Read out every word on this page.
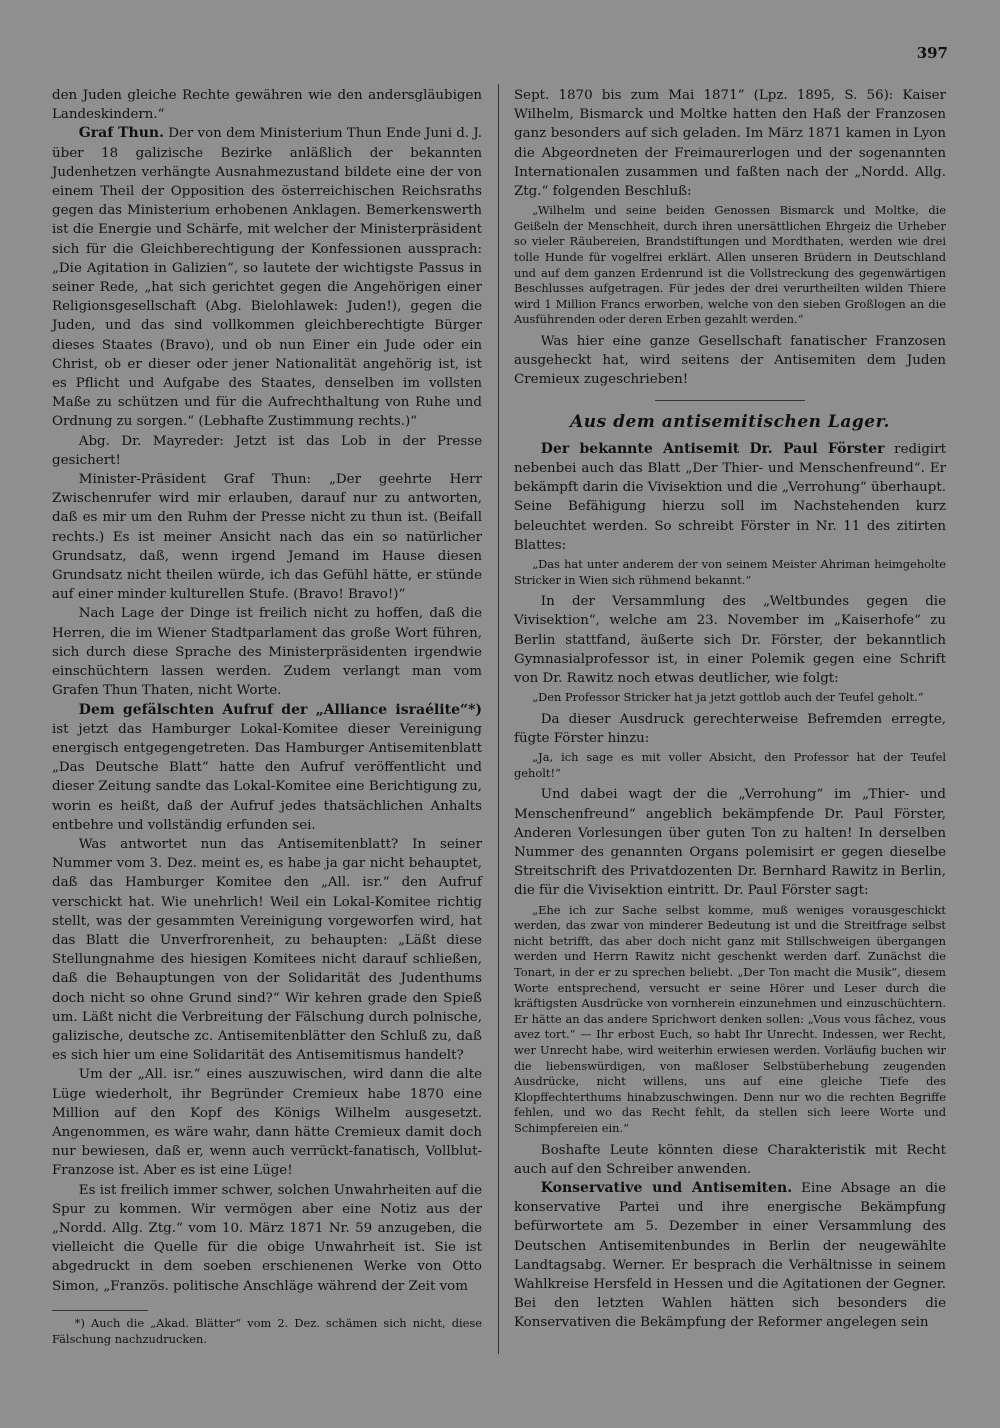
397

den Juden gleiche Rechte gewähren wie den andersgläubigen Landeskindern.“

Graf Thun. Der von dem Ministerium Thun Ende Juni d. J. über 18 galizische Bezirke anläßlich der bekannten Judenhetzen verhängte Ausnahmezustand bildete eine der von einem Theil der Opposition des österreichischen Reichsraths gegen das Ministerium erhobenen Anklagen. Bemerkenswerth ist die Energie und Schärfe, mit welcher der Ministerpräsident sich für die Gleichberechtigung der Konfessionen aussprach: „Die Agitation in Galizien“, so lautete der wichtigste Passus in seiner Rede, „hat sich gerichtet gegen die Angehörigen einer Religionsgesellschaft (Abg. Bielohlawek: Juden!), gegen die Juden, und das sind vollkommen gleichberechtigte Bürger dieses Staates (Bravo), und ob nun Einer ein Jude oder ein Christ, ob er dieser oder jener Nationalität angehörig ist, ist es Pflicht und Aufgabe des Staates, denselben im vollsten Maße zu schützen und für die Aufrechthaltung von Ruhe und Ordnung zu sorgen.“ (Lebhafte Zustimmung rechts.)“

Abg. Dr. Mayreder: Jetzt ist das Lob in der Presse gesichert!

Minister-Präsident Graf Thun: „Der geehrte Herr Zwischenrufer wird mir erlauben, darauf nur zu antworten, daß es mir um den Ruhm der Presse nicht zu thun ist. (Beifall rechts.) Es ist meiner Ansicht nach das ein so natürlicher Grundsatz, daß, wenn irgend Jemand im Hause diesen Grundsatz nicht theilen würde, ich das Gefühl hätte, er stünde auf einer minder kulturellen Stufe. (Bravo! Bravo!)“

Nach Lage der Dinge ist freilich nicht zu hoffen, daß die Herren, die im Wiener Stadtparlament das große Wort führen, sich durch diese Sprache des Ministerpräsidenten irgendwie einschüchtern lassen werden. Zudem verlangt man vom Grafen Thun Thaten, nicht Worte.

Dem gefälschten Aufruf der „Alliance israélite“*) ist jetzt das Hamburger Lokal-Komitee dieser Vereinigung energisch entgegengetreten. Das Hamburger Antisemitenblatt „Das Deutsche Blatt“ hatte den Aufruf veröffentlicht und dieser Zeitung sandte das Lokal-Komitee eine Berichtigung zu, worin es heißt, daß der Aufruf jedes thatsächlichen Anhalts entbehre und vollständig erfunden sei.

Was antwortet nun das Antisemitenblatt? In seiner Nummer vom 3. Dez. meint es, es habe ja gar nicht behauptet, daß das Hamburger Komitee den „All. isr.“ den Aufruf verschickt hat. Wie unehrlich! Weil ein Lokal-Komitee richtig stellt, was der gesammten Vereinigung vorgeworfen wird, hat das Blatt die Unverfrorenheit, zu behaupten: „Läßt diese Stellungnahme des hiesigen Komitees nicht darauf schließen, daß die Behauptungen von der Solidarität des Judenthums doch nicht so ohne Grund sind?“ Wir kehren grade den Spieß um. Läßt nicht die Verbreitung der Fälschung durch polnische, galizische, deutsche zc. Antisemitenblätter den Schluß zu, daß es sich hier um eine Solidarität des Antisemitismus handelt?

Um der „All. isr.“ eines auszuwischen, wird dann die alte Lüge wiederholt, ihr Begründer Cremieux habe 1870 eine Million auf den Kopf des Königs Wilhelm ausgesetzt. Angenommen, es wäre wahr, dann hätte Cremieux damit doch nur bewiesen, daß er, wenn auch verrückt-fanatisch, Vollblut-Franzose ist. Aber es ist eine Lüge!

Es ist freilich immer schwer, solchen Unwahrheiten auf die Spur zu kommen. Wir vermögen aber eine Notiz aus der „Nordd. Allg. Ztg.“ vom 10. März 1871 Nr. 59 anzugeben, die vielleicht die Quelle für die obige Unwahrheit ist. Sie ist abgedruckt in dem soeben erschienenen Werke von Otto Simon, „Französ. politische Anschläge während der Zeit vom

*) Auch die „Akad. Blätter“ vom 2. Dez. schämen sich nicht, diese Fälschung nachzudrucken.

Sept. 1870 bis zum Mai 1871“ (Lpz. 1895, S. 56): Kaiser Wilhelm, Bismarck und Moltke hatten den Haß der Franzosen ganz besonders auf sich geladen. Im März 1871 kamen in Lyon die Abgeordneten der Freimaurerlogen und der sogenannten Internationalen zusammen und faßten nach der „Nordd. Allg. Ztg.“ folgenden Beschluß:

„Wilhelm und seine beiden Genossen Bismarck und Moltke, die Geißeln der Menschheit, durch ihren unersättlichen Ehrgeiz die Urheber so vieler Räubereien, Brandstiftungen und Mordthaten, werden wie drei tolle Hunde für vogelfrei erklärt. Allen unseren Brüdern in Deutschland und auf dem ganzen Erdenrund ist die Vollstreckung des gegenwärtigen Beschlusses aufgetragen. Für jedes der drei verurtheilten wilden Thiere wird 1 Million Francs erworben, welche von den sieben Großlogen an die Ausführenden oder deren Erben gezahlt werden.“

Was hier eine ganze Gesellschaft fanatischer Franzosen ausgeheckt hat, wird seitens der Antisemiten dem Juden Cremieux zugeschrieben!

Aus dem antisemitischen Lager.

Der bekannte Antisemit Dr. Paul Förster redigirt nebenbei auch das Blatt „Der Thier- und Menschenfreund“. Er bekämpft darin die Vivisektion und die „Verrohung“ überhaupt. Seine Befähigung hierzu soll im Nachstehenden kurz beleuchtet werden. So schreibt Förster in Nr. 11 des zitirten Blattes:

„Das hat unter anderem der von seinem Meister Ahriman heimgeholte Stricker in Wien sich rühmend bekannt.“

In der Versammlung des „Weltbundes gegen die Vivisektion“, welche am 23. November im „Kaiserhofe“ zu Berlin stattfand, äußerte sich Dr. Förster, der bekanntlich Gymnasialprofessor ist, in einer Polemik gegen eine Schrift von Dr. Rawitz noch etwas deutlicher, wie folgt:

„Den Professor Stricker hat ja jetzt gottlob auch der Teufel geholt.“

Da dieser Ausdruck gerechterweise Befremden erregte, fügte Förster hinzu:

„Ja, ich sage es mit voller Absicht, den Professor hat der Teufel geholt!“

Und dabei wagt der die „Verrohung“ im „Thier- und Menschenfreund“ angeblich bekämpfende Dr. Paul Förster, Anderen Vorlesungen über guten Ton zu halten! In derselben Nummer des genannten Organs polemisirt er gegen dieselbe Streitschrift des Privatdozenten Dr. Bernhard Rawitz in Berlin, die für die Vivisektion eintritt. Dr. Paul Förster sagt:

„Ehe ich zur Sache selbst komme, muß weniges vorausgeschickt werden, das zwar von minderer Bedeutung ist und die Streitfrage selbst nicht betrifft, das aber doch nicht ganz mit Stillschweigen übergangen werden und Herrn Rawitz nicht geschenkt werden darf. Zunächst die Tonart, in der er zu sprechen beliebt. „Der Ton macht die Musik“, diesem Worte entsprechend, versucht er seine Hörer und Leser durch die kräftigsten Ausdrücke von vornherein einzunehmen und einzuschüchtern. Er hätte an das andere Sprichwort denken sollen: „Vous vous fâchez, vous avez tort.“ — Ihr erbost Euch, so habt Ihr Unrecht. Indessen, wer Recht, wer Unrecht habe, wird weiterhin erwiesen werden. Vorläufig buchen wir die liebenswürdigen, von maßloser Selbstüberhebung zeugenden Ausdrücke, nicht willens, uns auf eine gleiche Tiefe des Klopffechterthums hinabzuschwingen. Denn nur wo die rechten Begriffe fehlen, und wo das Recht fehlt, da stellen sich leere Worte und Schimpfereien ein.“

Boshafte Leute könnten diese Charakteristik mit Recht auch auf den Schreiber anwenden.

Konservative und Antisemiten. Eine Absage an die konservative Partei und ihre energische Bekämpfung befürwortete am 5. Dezember in einer Versammlung des Deutschen Antisemitenbundes in Berlin der neugewählte Landtagsabg. Werner. Er besprach die Verhältnisse in seinem Wahlkreise Hersfeld in Hessen und die Agitationen der Gegner. Bei den letzten Wahlen hätten sich besonders die Konservativen die Bekämpfung der Reformer angelegen sein
